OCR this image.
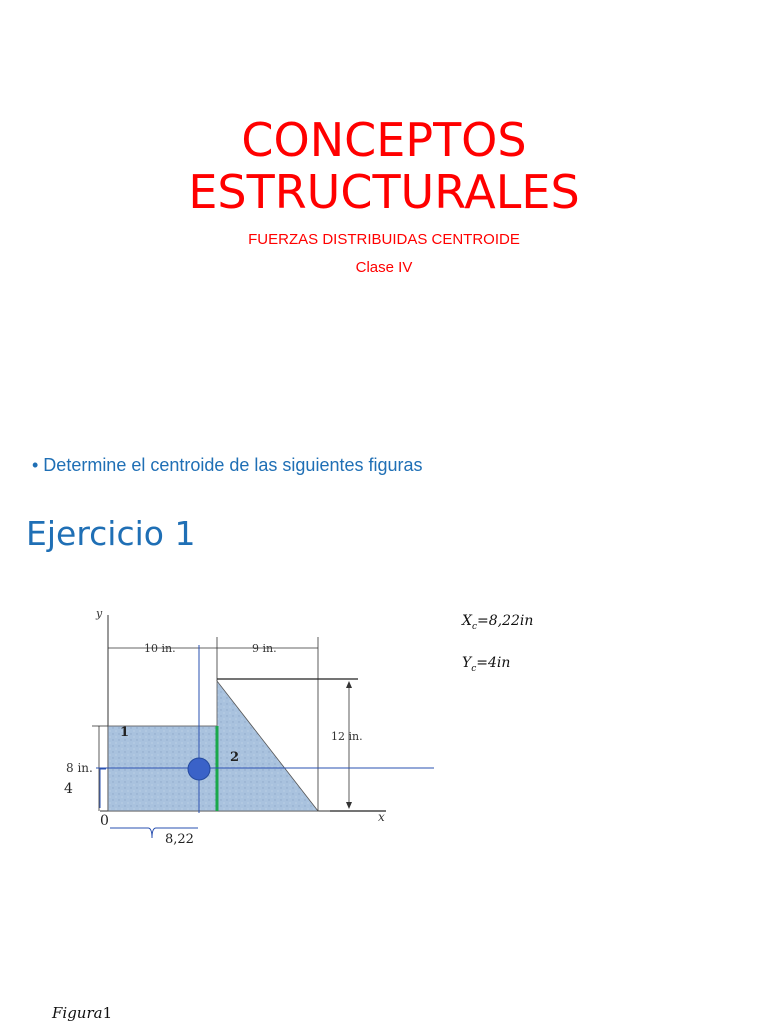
CONCEPTOS
ESTRUCTURALES
FUERZAS DISTRIBUIDAS CENTROIDE
Clase IV
• Determine el centroide de las siguientes figuras
Ejercicio 1
y
x
10 in.	9 in.
12 in.
8 in.
4
0
8,22
1
2
$X_c=8,22in$
$Y_c=4in$
Figura1
